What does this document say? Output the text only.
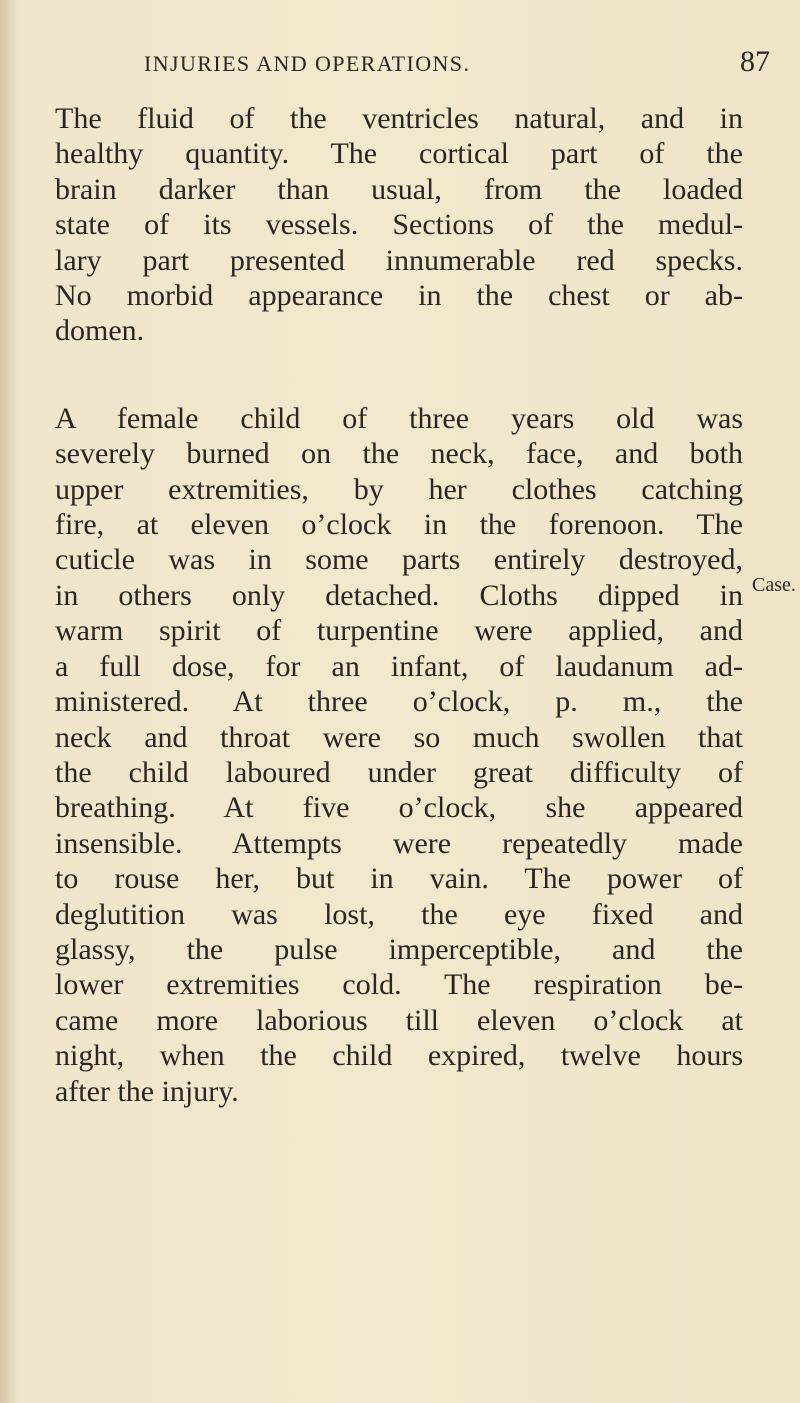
INJURIES AND OPERATIONS.	87

The fluid of the ventricles natural, and in
healthy quantity. The cortical part of the
brain darker than usual, from the loaded
state of its vessels. Sections of the medul-
lary part presented innumerable red specks.
No morbid appearance in the chest or ab-
domen.

A female child of three years old was
severely burned on the neck, face, and both
upper extremities, by her clothes catching
fire, at eleven o’clock in the forenoon. The
cuticle was in some parts entirely destroyed,
in others only detached. Cloths dipped in
warm spirit of turpentine were applied, and
a full dose, for an infant, of laudanum ad-
ministered. At three o’clock, p. m., the
neck and throat were so much swollen that
the child laboured under great difficulty of
breathing. At five o’clock, she appeared
insensible. Attempts were repeatedly made
to rouse her, but in vain. The power of
deglutition was lost, the eye fixed and
glassy, the pulse imperceptible, and the
lower extremities cold. The respiration be-
came more laborious till eleven o’clock at
night, when the child expired, twelve hours
after the injury.

Case.
